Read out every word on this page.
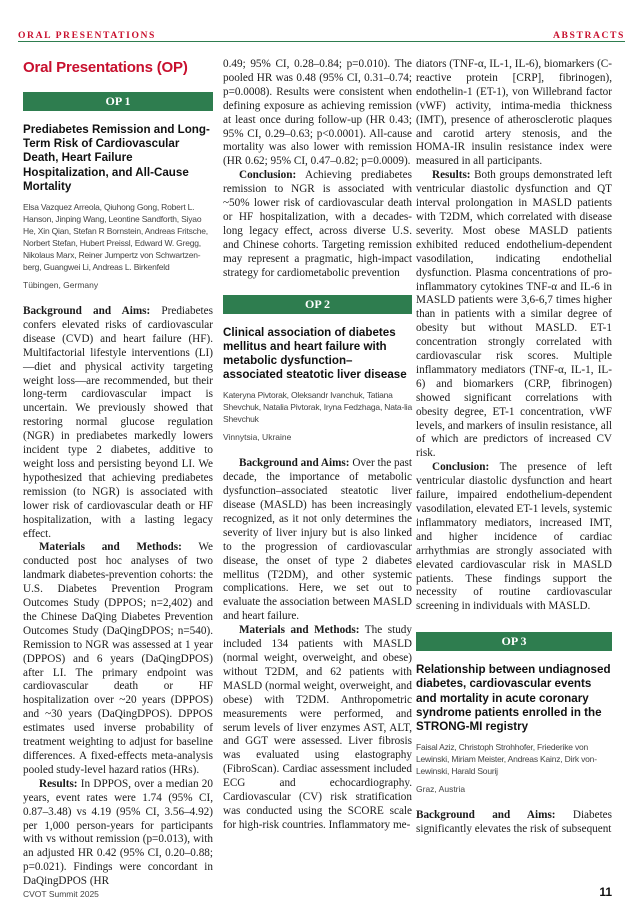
ORAL PRESENTATIONS	ABSTRACTS
Oral Presentations (OP)
OP 1
Prediabetes Remission and Long-Term Risk of Cardiovascular Death, Heart Failure Hospitalization, and All-Cause Mortality
Elsa Vazquez Arreola, Qiuhong Gong, Robert L. Hanson, Jinping Wang, Leontine Sandforth, Siyao He, Xin Qian, Stefan R Bornstein, Andreas Fritsche, Norbert Stefan, Hubert Preissl, Edward W. Gregg, Nikolaus Marx, Reiner Jumpertz von Schwartzen-berg, Guangwei Li, Andreas L. Birkenfeld
Tübingen, Germany

Background and Aims: Prediabetes confers elevated risks of cardiovascular disease (CVD) and heart failure (HF). Multifactorial lifestyle interventions (LI)—diet and physical activity targeting weight loss—are recommended, but their long-term cardiovascular impact is uncertain. We previously showed that restoring normal glucose regulation (NGR) in prediabetes markedly lowers incident type 2 diabetes, additive to weight loss and persisting beyond LI. We hypothesized that achieving prediabetes remission (to NGR) is associated with lower risk of cardiovascular death or HF hospitalization, with a lasting legacy effect.

Materials and Methods: We conducted post hoc analyses of two landmark diabetes-prevention cohorts: the U.S. Diabetes Prevention Program Outcomes Study (DPPOS; n=2,402) and the Chinese DaQing Diabetes Prevention Outcomes Study (DaQingDPOS; n=540). Remission to NGR was assessed at 1 year (DPPOS) and 6 years (DaQingDPOS) after LI. The primary endpoint was cardiovascular death or HF hospitalization over ~20 years (DPPOS) and ~30 years (DaQingDPOS). DPPOS estimates used inverse probability of treatment weighting to adjust for baseline differences. A fixed-effects meta-analysis pooled study-level hazard ratios (HRs).

Results: In DPPOS, over a median 20 years, event rates were 1.74 (95% CI, 0.87–3.48) vs 4.19 (95% CI, 3.56–4.92) per 1,000 person-years for participants with vs without remission (p=0.013), with an adjusted HR 0.42 (95% CI, 0.20–0.88; p=0.021). Findings were concordant in DaQingDPOS (HR

0.49; 95% CI, 0.28–0.84; p=0.010). The pooled HR was 0.48 (95% CI, 0.31–0.74; p=0.0008). Results were consistent when defining exposure as achieving remission at least once during follow-up (HR 0.43; 95% CI, 0.29–0.63; p<0.0001). All-cause mortality was also lower with remission (HR 0.62; 95% CI, 0.47–0.82; p=0.0009).

Conclusion: Achieving prediabetes remission to NGR is associated with ~50% lower risk of cardiovascular death or HF hospitalization, with a decades-long legacy effect, across diverse U.S. and Chinese cohorts. Targeting remission may represent a pragmatic, high-impact strategy for cardiometabolic prevention

OP 2
Clinical association of diabetes mellitus and heart failure with metabolic dysfunction–associated steatotic liver disease
Kateryna Pivtorak, Oleksandr Ivanchuk, Tatiana Shevchuk, Natalia Pivtorak, Iryna Fedzhaga, Nata-lia Shevchuk
Vinnytsia, Ukraine

Background and Aims: Over the past decade, the importance of metabolic dysfunction–associated steatotic liver disease (MASLD) has been increasingly recognized, as it not only determines the severity of liver injury but is also linked to the progression of cardiovascular disease, the onset of type 2 diabetes mellitus (T2DM), and other systemic complications. Here, we set out to evaluate the association between MASLD and heart failure.

Materials and Methods: The study included 134 patients with MASLD (normal weight, overweight, and obese) without T2DM, and 62 patients with MASLD (normal weight, overweight, and obese) with T2DM. Anthropometric measurements were performed, and serum levels of liver enzymes AST, ALT, and GGT were assessed. Liver fibrosis was evaluated using elastography (FibroScan). Cardiac assessment included ECG and echocardiography. Cardiovascular (CV) risk stratification was conducted using the SCORE scale for high-risk countries. Inflammatory me-

diators (TNF-α, IL-1, IL-6), biomarkers (C-reactive protein [CRP], fibrinogen), endothelin-1 (ET-1), von Willebrand factor (vWF) activity, intima-media thickness (IMT), presence of atherosclerotic plaques and carotid artery stenosis, and the HOMA-IR insulin resistance index were measured in all participants.

Results: Both groups demonstrated left ventricular diastolic dysfunction and QT interval prolongation in MASLD patients with T2DM, which correlated with disease severity. Most obese MASLD patients exhibited reduced endothelium-dependent vasodilation, indicating endothelial dysfunction. Plasma concentrations of pro-inflammatory cytokines TNF-α and IL-6 in MASLD patients were 3,6-6,7 times higher than in patients with a similar degree of obesity but without MASLD. ET-1 concentration strongly correlated with cardiovascular risk scores. Multiple inflammatory mediators (TNF-α, IL-1, IL-6) and biomarkers (CRP, fibrinogen) showed significant correlations with obesity degree, ET-1 concentration, vWF levels, and markers of insulin resistance, all of which are predictors of increased CV risk.

Conclusion: The presence of left ventricular diastolic dysfunction and heart failure, impaired endothelium-dependent vasodilation, elevated ET-1 levels, systemic inflammatory mediators, increased IMT, and higher incidence of cardiac arrhythmias are strongly associated with elevated cardiovascular risk in MASLD patients. These findings support the necessity of routine cardiovascular screening in individuals with MASLD.

OP 3
Relationship between undiagnosed diabetes, cardiovascular events and mortality in acute coronary syndrome patients enrolled in the STRONG-MI registry
Faisal Aziz, Christoph Strohhofer, Friederike von Lewinski, Miriam Meister, Andreas Kainz, Dirk von-Lewinski, Harald Sourij
Graz, Austria

Background and Aims: Diabetes significantly elevates the risk of subsequent

CVOT Summit 2025	11
